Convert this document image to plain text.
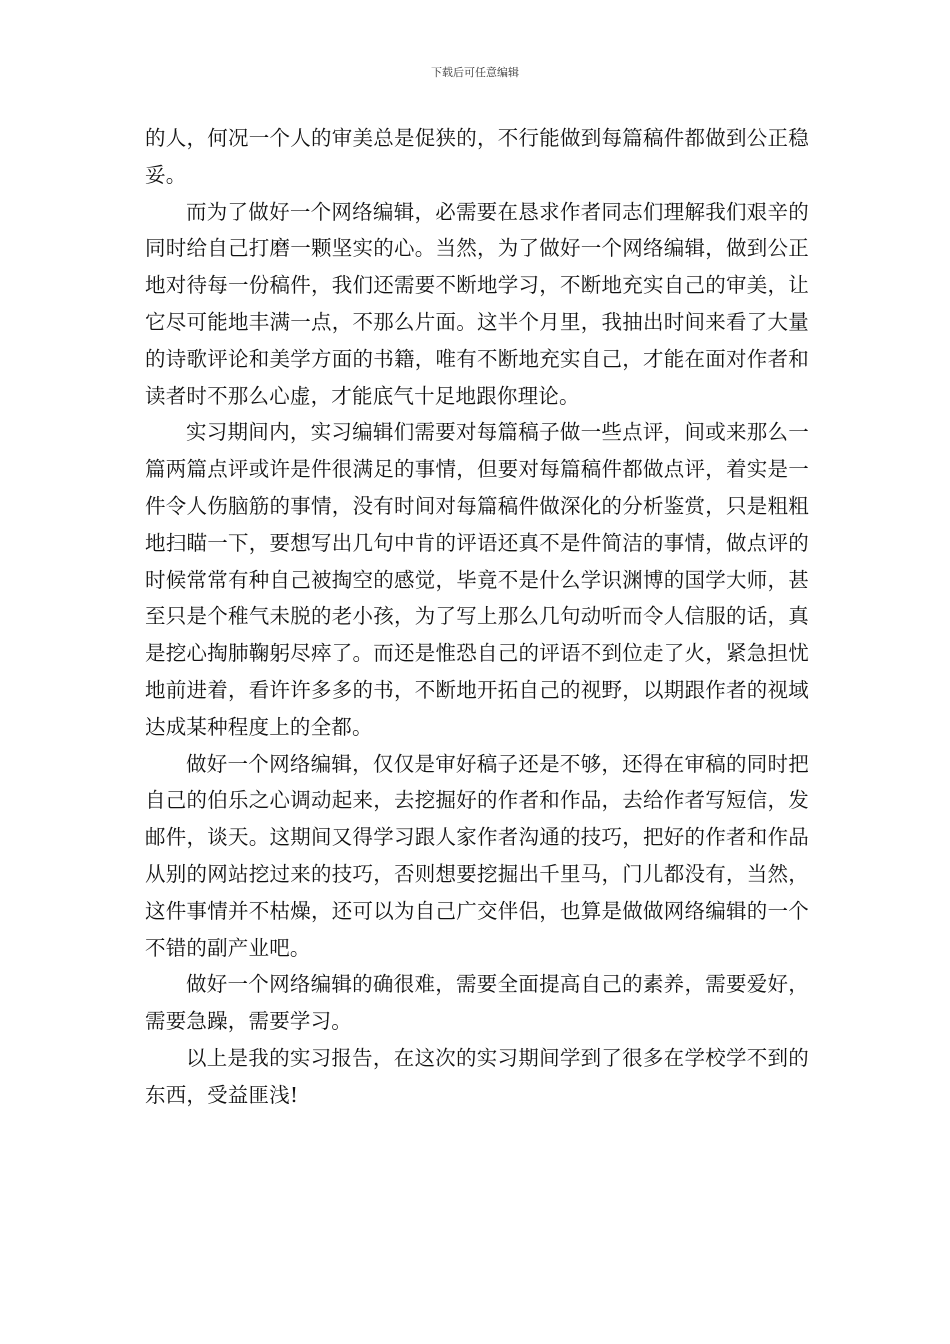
下载后可任意编辑

的人，何况一个人的审美总是促狭的，不行能做到每篇稿件都做到公正稳妥。

而为了做好一个网络编辑，必需要在恳求作者同志们理解我们艰辛的同时给自己打磨一颗坚实的心。当然，为了做好一个网络编辑，做到公正地对待每一份稿件，我们还需要不断地学习，不断地充实自己的审美，让它尽可能地丰满一点，不那么片面。这半个月里，我抽出时间来看了大量的诗歌评论和美学方面的书籍，唯有不断地充实自己，才能在面对作者和读者时不那么心虚，才能底气十足地跟你理论。

实习期间内，实习编辑们需要对每篇稿子做一些点评，间或来那么一篇两篇点评或许是件很满足的事情，但要对每篇稿件都做点评，着实是一件令人伤脑筋的事情，没有时间对每篇稿件做深化的分析鉴赏，只是粗粗地扫瞄一下，要想写出几句中肯的评语还真不是件简洁的事情，做点评的时候常常有种自己被掏空的感觉，毕竟不是什么学识渊博的国学大师，甚至只是个稚气未脱的老小孩，为了写上那么几句动听而令人信服的话，真是挖心掏肺鞠躬尽瘁了。而还是惟恐自己的评语不到位走了火，紧急担忧地前进着，看许许多多的书，不断地开拓自己的视野，以期跟作者的视域达成某种程度上的全都。

做好一个网络编辑，仅仅是审好稿子还是不够，还得在审稿的同时把自己的伯乐之心调动起来，去挖掘好的作者和作品，去给作者写短信，发邮件，谈天。这期间又得学习跟人家作者沟通的技巧，把好的作者和作品从别的网站挖过来的技巧，否则想要挖掘出千里马，门儿都没有，当然，这件事情并不枯燥，还可以为自己广交伴侣，也算是做做网络编辑的一个不错的副产业吧。

做好一个网络编辑的确很难，需要全面提高自己的素养，需要爱好，需要急躁，需要学习。

以上是我的实习报告，在这次的实习期间学到了很多在学校学不到的东西，受益匪浅!
